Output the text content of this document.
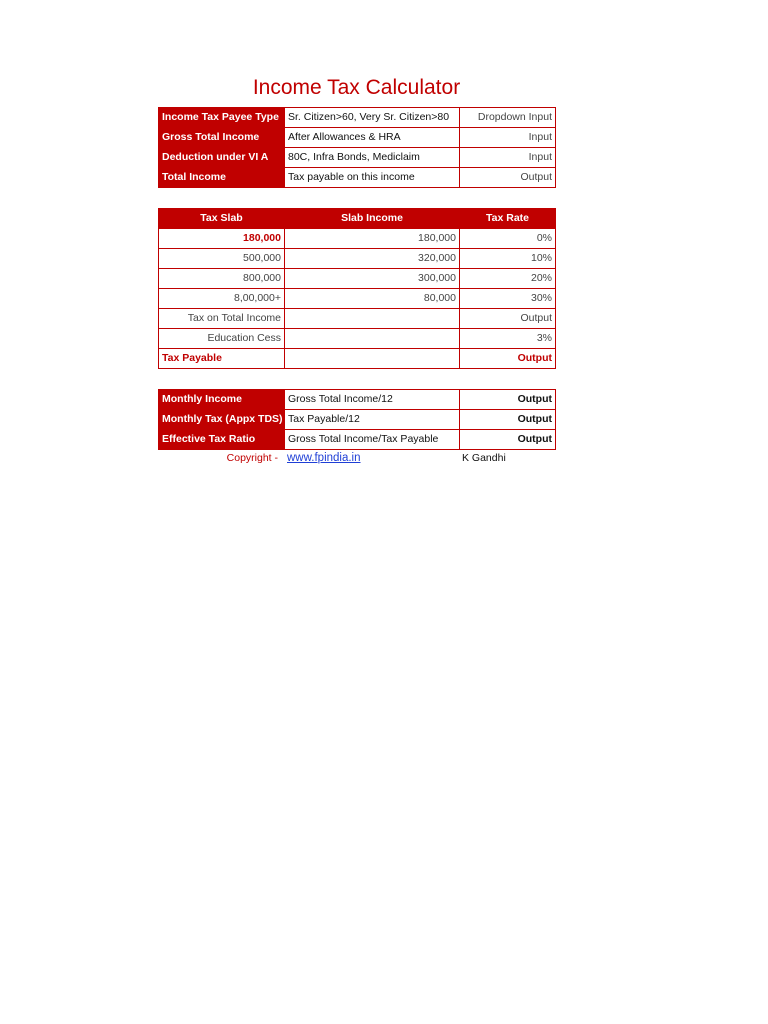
Income Tax Calculator
Income Tax Payee Type	Sr. Citizen>60, Very Sr. Citizen>80	Dropdown Input
Gross Total Income	After Allowances & HRA	Input
Deduction under VI A	80C, Infra Bonds, Mediclaim	Input
Total Income	Tax payable on this income	Output
Tax Slab	Slab Income	Tax Rate
180,000	180,000	0%
500,000	320,000	10%
800,000	300,000	20%
8,00,000+	80,000	30%
Tax on Total Income		Output
Education Cess		3%
Tax Payable		Output
Monthly Income	Gross Total Income/12	Output
Monthly Tax (Appx TDS)	Tax Payable/12	Output
Effective Tax Ratio	Gross Total Income/Tax Payable	Output
Copyright - www.fpindia.in	K Gandhi
